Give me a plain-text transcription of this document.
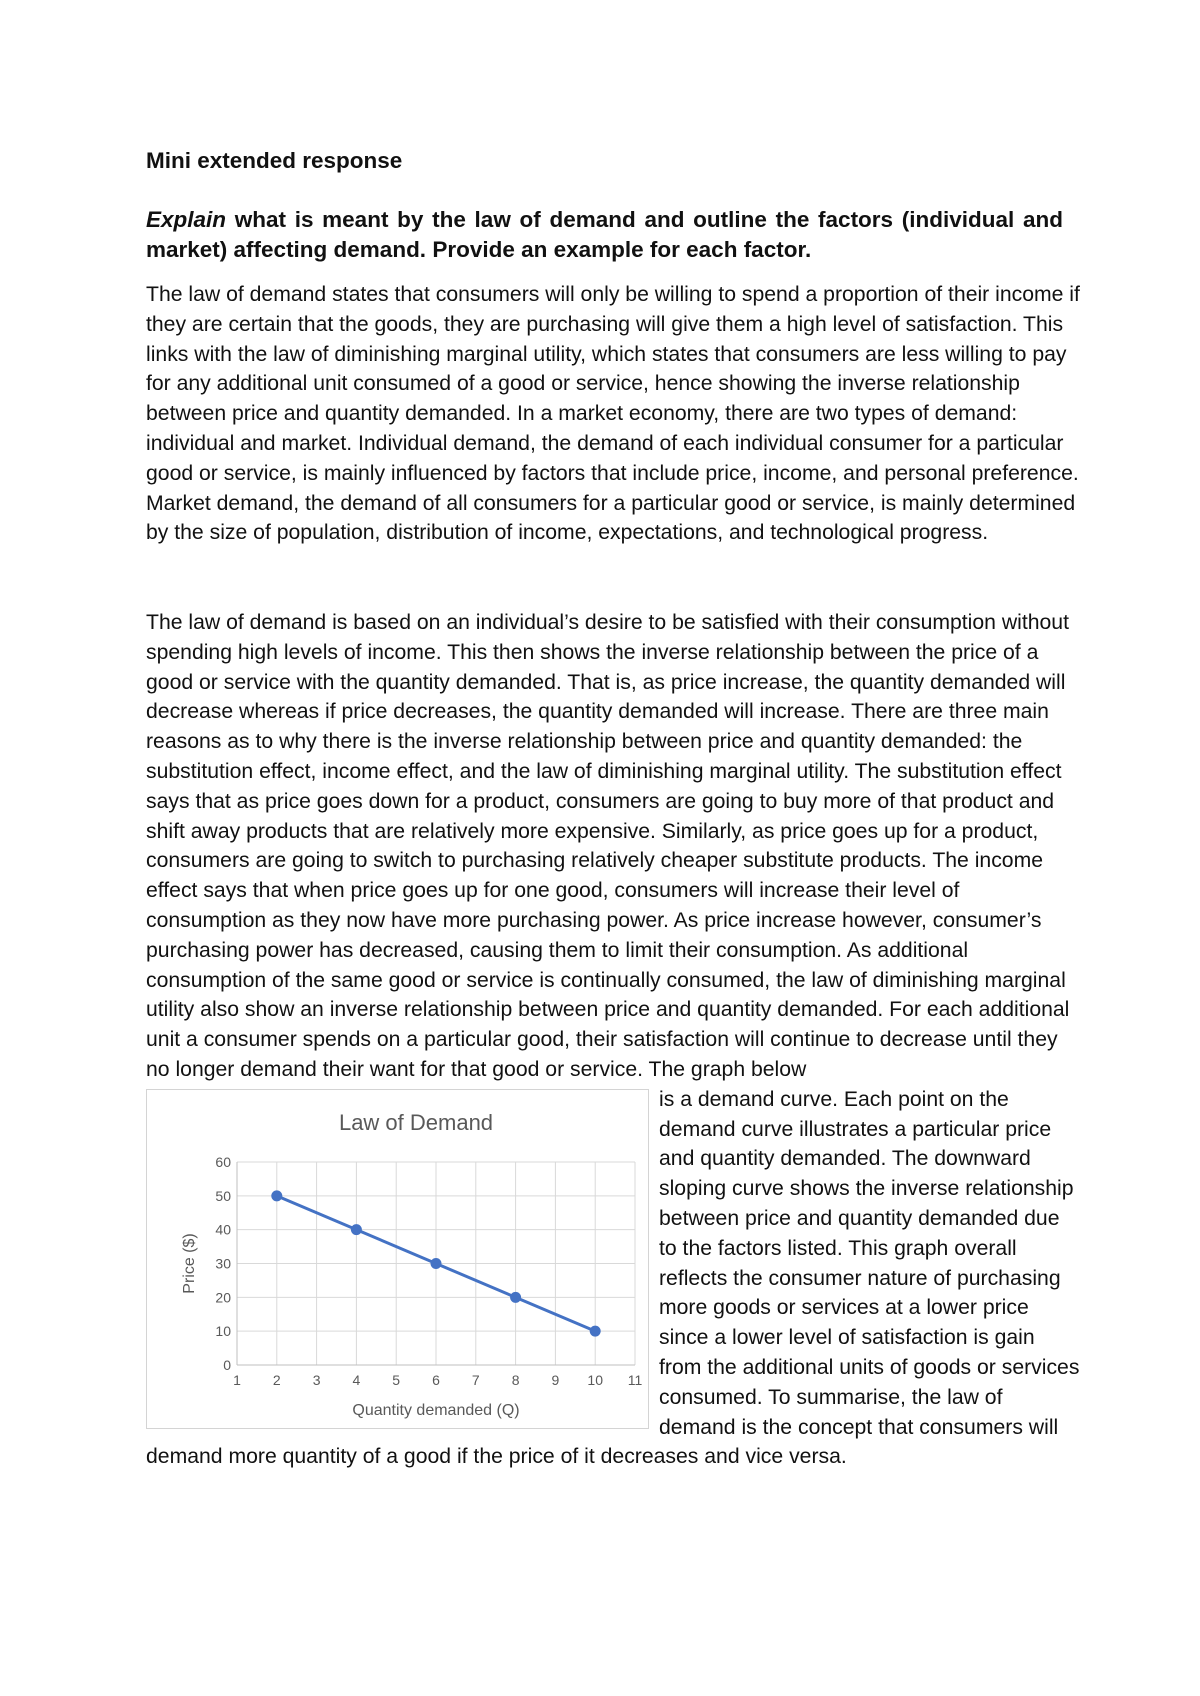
Mini extended response

Explain what is meant by the law of demand and outline the factors (individual and market) affecting demand. Provide an example for each factor.

The law of demand states that consumers will only be willing to spend a proportion of their income if they are certain that the goods, they are purchasing will give them a high level of satisfaction. This links with the law of diminishing marginal utility, which states that consumers are less willing to pay for any additional unit consumed of a good or service, hence showing the inverse relationship between price and quantity demanded. In a market economy, there are two types of demand: individual and market. Individual demand, the demand of each individual consumer for a particular good or service, is mainly influenced by factors that include price, income, and personal preference. Market demand, the demand of all consumers for a particular good or service, is mainly determined by the size of population, distribution of income, expectations, and technological progress.

The law of demand is based on an individual’s desire to be satisfied with their consumption without spending high levels of income. This then shows the inverse relationship between the price of a good or service with the quantity demanded. That is, as price increase, the quantity demanded will decrease whereas if price decreases, the quantity demanded will increase. There are three main reasons as to why there is the inverse relationship between price and quantity demanded: the substitution effect, income effect, and the law of diminishing marginal utility. The substitution effect says that as price goes down for a product, consumers are going to buy more of that product and shift away products that are relatively more expensive. Similarly, as price goes up for a product, consumers are going to switch to purchasing relatively cheaper substitute products. The income effect says that when price goes up for one good, consumers will increase their level of consumption as they now have more purchasing power. As price increase however, consumer’s purchasing power has decreased, causing them to limit their consumption. As additional consumption of the same good or service is continually consumed, the law of diminishing marginal utility also show an inverse relationship between price and quantity demanded. For each additional unit a consumer spends on a particular good, their satisfaction will continue to decrease until they no longer demand their want for that good or service. The graph below

Law of Demand
0
10
20
30
40
50
60
1 2 3 4 5 6 7 8 9 10 11
Quantity demanded (Q)
Price ($)

is a demand curve. Each point on the demand curve illustrates a particular price and quantity demanded. The downward sloping curve shows the inverse relationship between price and quantity demanded due to the factors listed. This graph overall reflects the consumer nature of purchasing more goods or services at a lower price since a lower level of satisfaction is gain from the additional units of goods or services consumed. To summarise, the law of demand is the concept that consumers will demand more quantity of a good if the price of it decreases and vice versa.
